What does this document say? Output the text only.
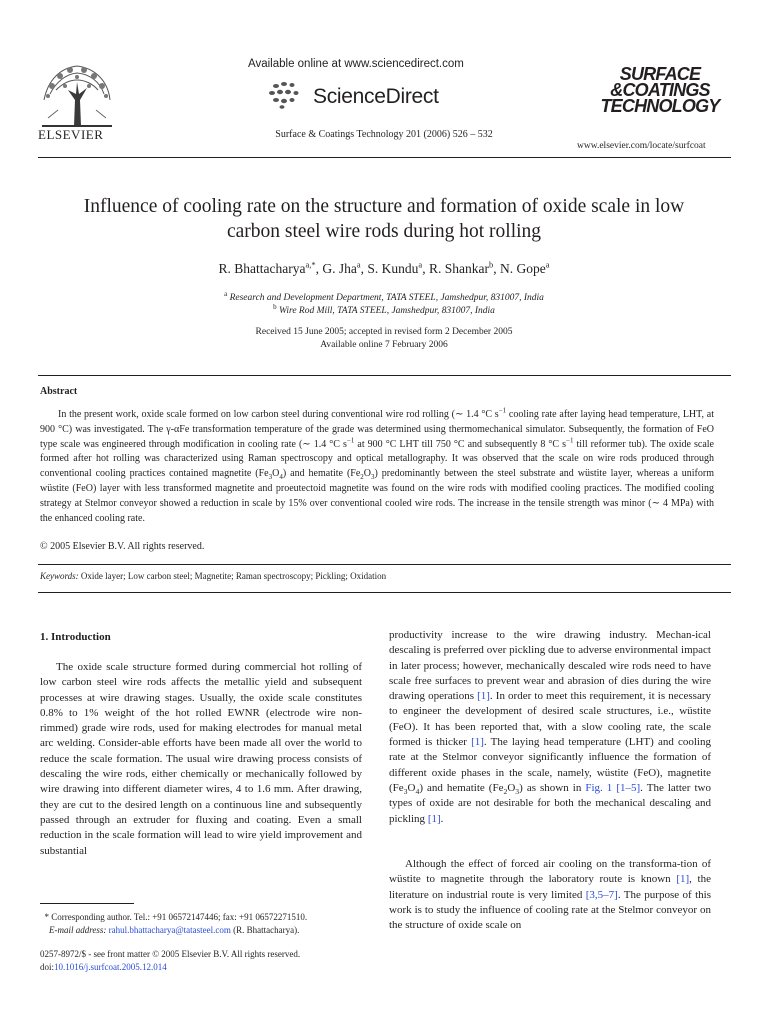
ELSEVIER
Available online at www.sciencedirect.com
ScienceDirect
Surface & Coatings Technology 201 (2006) 526 – 532
SURFACE
&COATINGS
TECHNOLOGY
www.elsevier.com/locate/surfcoat
Influence of cooling rate on the structure and formation of oxide scale in low
carbon steel wire rods during hot rolling
R. Bhattacharya$^{a,*}$, G. Jha$^a$, S. Kundu$^a$, R. Shankar$^b$, N. Gope$^a$
$^a$ Research and Development Department, TATA STEEL, Jamshedpur, 831007, India
$^b$ Wire Rod Mill, TATA STEEL, Jamshedpur, 831007, India
Received 15 June 2005; accepted in revised form 2 December 2005
Available online 7 February 2006
Abstract
In the present work, oxide scale formed on low carbon steel during conventional wire rod rolling (∼ 1.4 °C $s^{-1}$ cooling rate after laying head temperature, LHT, at 900 °C) was investigated. The γ-αFe transformation temperature of the grade was determined using thermomechanical simulator. Subsequently, the formation of FeO type scale was engineered through modification in cooling rate (∼ 1.4 °C $s^{-1}$ at 900 °C LHT till 750 °C and subsequently 8 °C $s^{-1}$ till reformer tub). The oxide scale formed after hot rolling was characterized using Raman spectroscopy and optical metallography. It was observed that the scale on wire rods produced through conventional cooling practices contained magnetite $(Fe_3O_4)$ and hematite $(Fe_2O_3)$ predominantly between the steel substrate and wüstite layer, whereas a uniform wüstite (FeO) layer with less transformed magnetite and proeutectoid magnetite was found on the wire rods with modified cooling practices. The modified cooling strategy at Stelmor conveyor showed a reduction in scale by 15% over conventional cooled wire rods. The increase in the tensile strength was minor (∼ 4 MPa) with the enhanced cooling rate.
© 2005 Elsevier B.V. All rights reserved.
Keywords: Oxide layer; Low carbon steel; Magnetite; Raman spectroscopy; Pickling; Oxidation
1. Introduction
The oxide scale structure formed during commercial hot rolling of low carbon steel wire rods affects the metallic yield and subsequent processes at wire drawing stages. Usually, the oxide scale constitutes 0.8% to 1% weight of the hot rolled EWNR (electrode wire non-rimmed) grade wire rods, used for making electrodes for manual metal arc welding. Consider-able efforts have been made all over the world to reduce the scale formation. The usual wire drawing process consists of descaling the wire rods, either chemically or mechanically followed by wire drawing into different diameter wires, 4 to 1.6 mm. After drawing, they are cut to the desired length on a continuous line and subsequently passed through an extruder for fluxing and coating. Even a small reduction in the scale formation will lead to wire yield improvement and substantial
* Corresponding author. Tel.: +91 06572147446; fax: +91 06572271510.
E-mail address: rahul.bhattacharya@tatasteel.com (R. Bhattacharya).
0257-8972/$ - see front matter © 2005 Elsevier B.V. All rights reserved.
doi:10.1016/j.surfcoat.2005.12.014
productivity increase to the wire drawing industry. Mechan-ical descaling is preferred over pickling due to adverse environmental impact in later process; however, mechanically descaled wire rods need to have scale free surfaces to prevent wear and abrasion of dies during the wire drawing operations [1]. In order to meet this requirement, it is necessary to engineer the development of desired scale structures, i.e., wüstite (FeO). It has been reported that, with a slow cooling rate, the scale formed is thicker [1]. The laying head temperature (LHT) and cooling rate at the Stelmor conveyor significantly influence the formation of different oxide phases in the scale, namely, wüstite (FeO), magnetite $(Fe_3O_4)$ and hematite $(Fe_2O_3)$ as shown in Fig. 1 [1–5]. The latter two types of oxide are not desirable for both the mechanical descaling and pickling [1].
Although the effect of forced air cooling on the transforma-tion of wüstite to magnetite through the laboratory route is known [1], the literature on industrial route is very limited [3,5–7]. The purpose of this work is to study the influence of cooling rate at the Stelmor conveyor on the structure of oxide scale on
